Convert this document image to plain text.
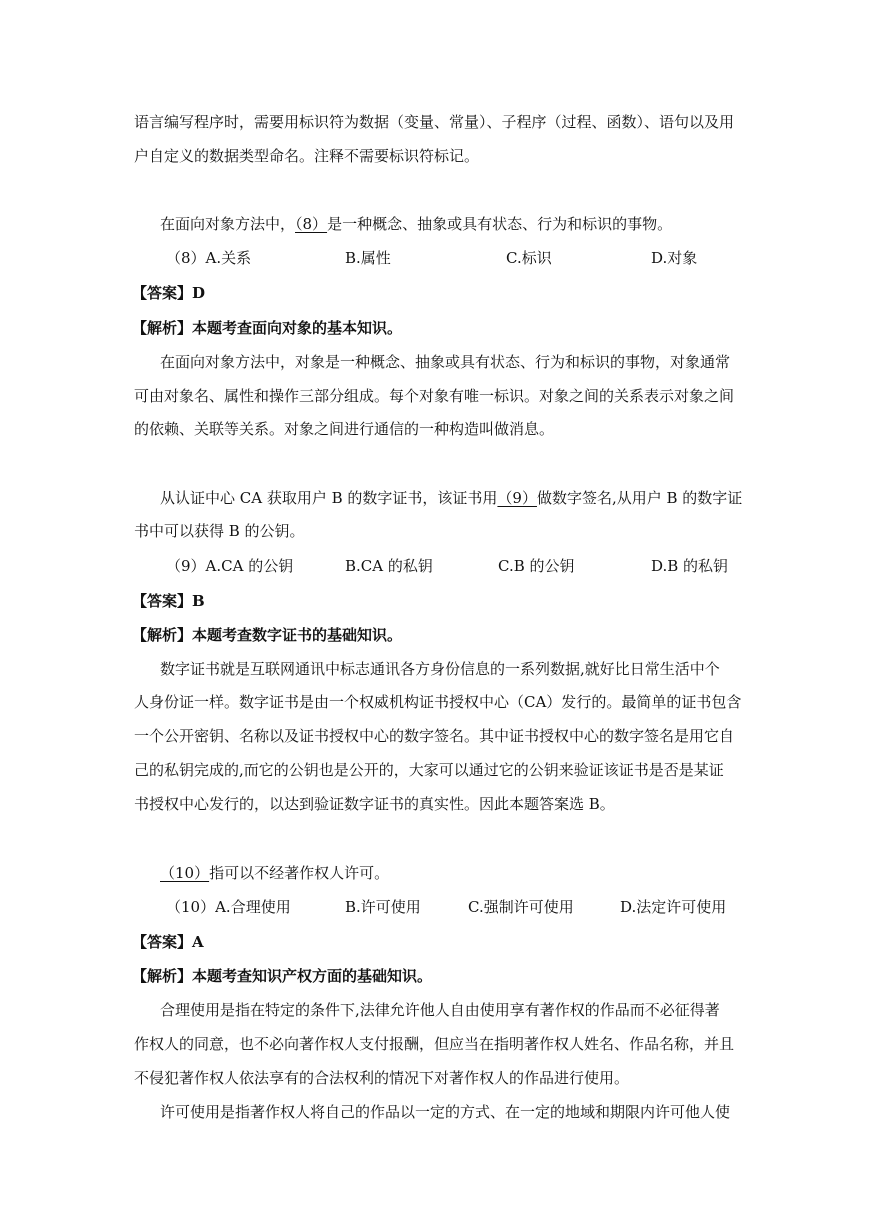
语言编写程序时，需要用标识符为数据（变量、常量）、子程序（过程、函数）、语句以及用
户自定义的数据类型命名。注释不需要标识符标记。
在面向对象方法中，（8）是一种概念、抽象或具有状态、行为和标识的事物。
（8）A.关系	B.属性	C.标识	D.对象
【答案】D
【解析】本题考查面向对象的基本知识。
在面向对象方法中，对象是一种概念、抽象或具有状态、行为和标识的事物，对象通常
可由对象名、属性和操作三部分组成。每个对象有唯一标识。对象之间的关系表示对象之间
的依赖、关联等关系。对象之间进行通信的一种构造叫做消息。
从认证中心 CA 获取用户 B 的数字证书，该证书用（9）做数字签名,从用户 B 的数字证
书中可以获得 B 的公钥。
（9）A.CA 的公钥	B.CA 的私钥	C.B 的公钥	D.B 的私钥
【答案】B
【解析】本题考查数字证书的基础知识。
数字证书就是互联网通讯中标志通讯各方身份信息的一系列数据,就好比日常生活中个
人身份证一样。数字证书是由一个权威机构证书授权中心（CA）发行的。最简单的证书包含
一个公开密钥、名称以及证书授权中心的数字签名。其中证书授权中心的数字签名是用它自
己的私钥完成的,而它的公钥也是公开的，大家可以通过它的公钥来验证该证书是否是某证
书授权中心发行的，以达到验证数字证书的真实性。因此本题答案选 B。
（10）指可以不经著作权人许可。
（10）A.合理使用	B.许可使用	C.强制许可使用	D.法定许可使用
【答案】A
【解析】本题考查知识产权方面的基础知识。
合理使用是指在特定的条件下,法律允许他人自由使用享有著作权的作品而不必征得著
作权人的同意，也不必向著作权人支付报酬，但应当在指明著作权人姓名、作品名称，并且
不侵犯著作权人依法享有的合法权利的情况下对著作权人的作品进行使用。
许可使用是指著作权人将自己的作品以一定的方式、在一定的地域和期限内许可他人使
